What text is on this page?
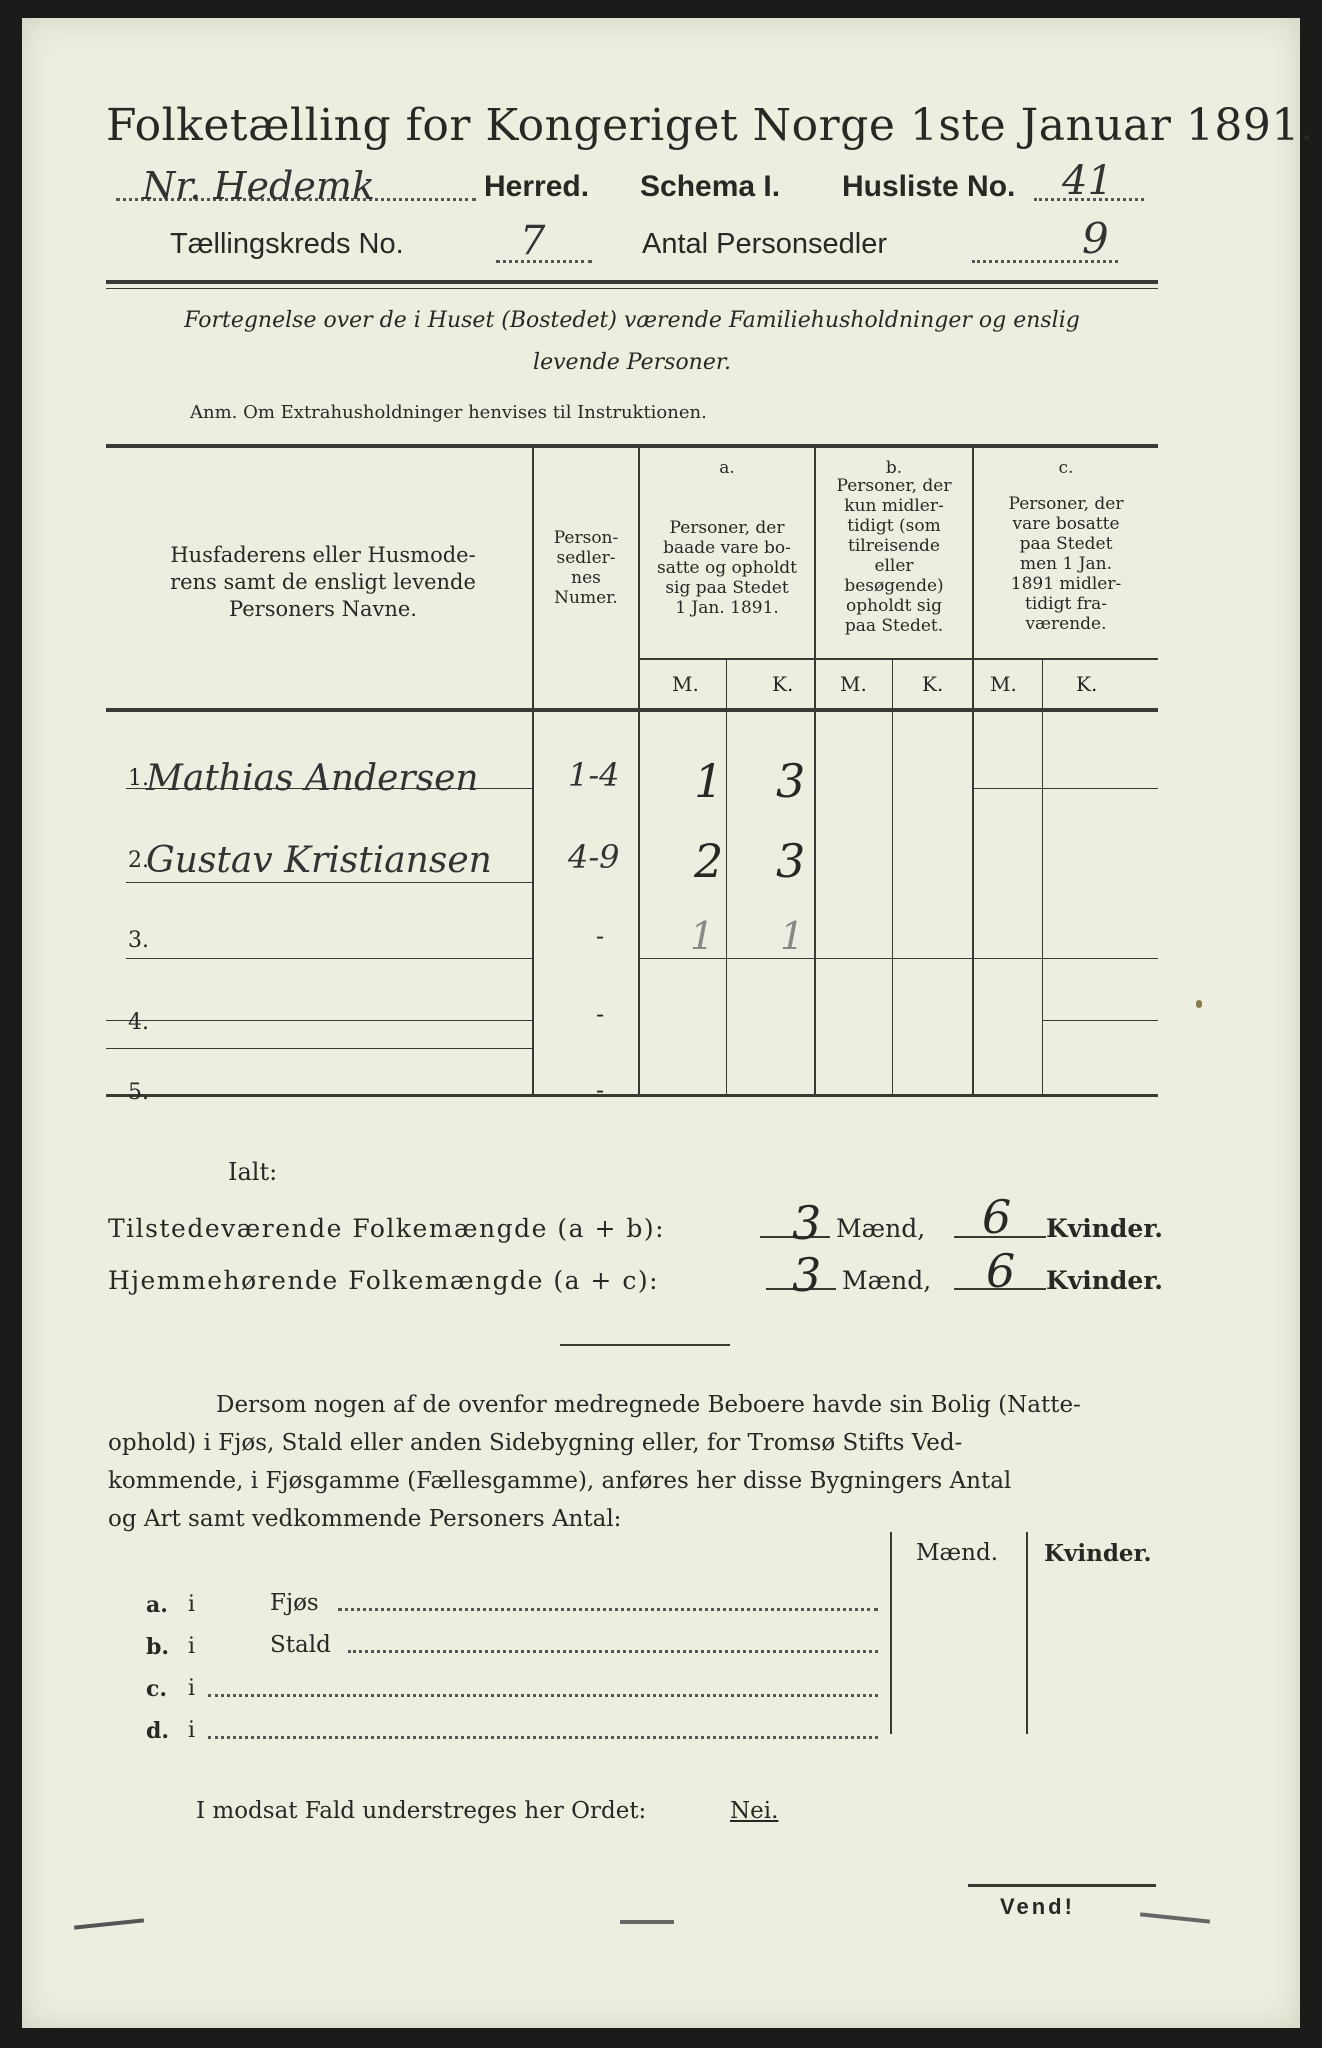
Folketælling for Kongeriget Norge 1ste Januar 1891.
Nr. Hedemk	Herred. Schema I. Husliste No. 41
Tællingskreds No.	7	Antal Personsedler	9
Fortegnelse over de i Huset (Bostedet) værende Familiehusholdninger og enslig
levende Personer.
Anm. Om Extrahusholdninger henvises til Instruktionen.
Husfaderens eller Husmode-
rens samt de ensligt levende
Personers Navne.
Person-
sedler-
nes
Numer.
a.
Personer, der
baade vare bo-
satte og opholdt
sig paa Stedet
1 Jan. 1891.
b.
Personer, der
kun midler-
tidigt (som
tilreisende
eller
besøgende)
opholdt sig
paa Stedet.
c.
Personer, der
vare bosatte
paa Stedet
men 1 Jan.
1891 midler-
tidigt fra-
værende.
M.	K. M.	K. M.	K.
1.
Mathias Andersen	1-4 1 3
2.
Gustav Kristiansen 4-9 2 3
3.	- 1 1
4.	-
5.	-
Ialt:
Tilstedeværende Folkemængde (a + b):	3 Mænd, 6 Kvinder.
Hjemmehørende Folkemængde (a + c):	3 Mænd, 6 Kvinder.
Dersom nogen af de ovenfor medregnede Beboere havde sin Bolig (Natte-
ophold) i Fjøs, Stald eller anden Sidebygning eller, for Tromsø Stifts Ved-
kommende, i Fjøsgamme (Fællesgamme), anføres her disse Bygningers Antal
og Art samt vedkommende Personers Antal:
Mænd. Kvinder.
a. i	Fjøs
b. i	Stald
c. i
d. i
I modsat Fald understreges her Ordet:	Nei.
Vend!
